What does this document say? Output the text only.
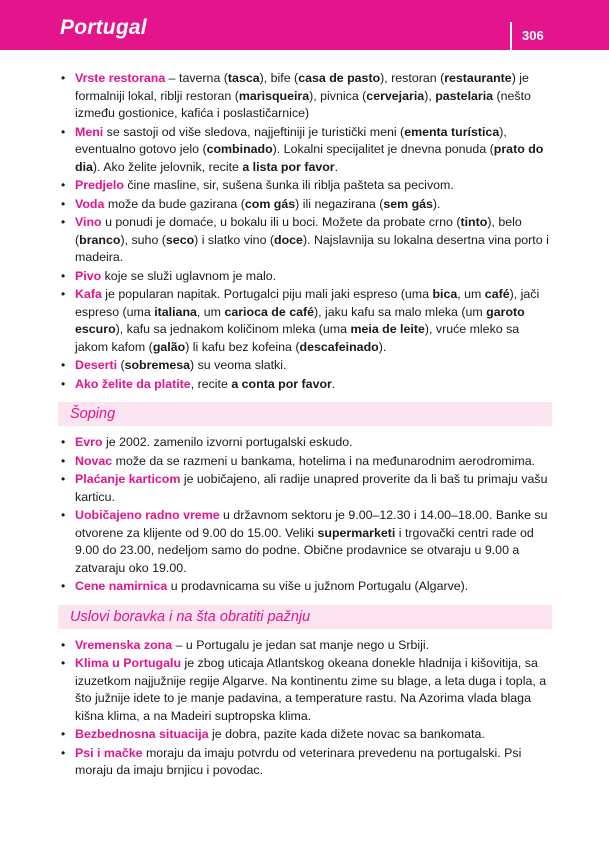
Portugal	306
• Vrste restorana – taverna (tasca), bife (casa de pasto), restoran (restaurante) je formalniji lokal, riblji restoran (marisqueira), pivnica (cervejaria), pastelaria (nešto između gostionice, kafića i poslastičarnice)
• Meni se sastoji od više sledova, najjeftiniji je turistički meni (ementa turística), eventualno gotovo jelo (combinado). Lokalni specijalitet je dnevna ponuda (prato do dia). Ako želite jelovnik, recite a lista por favor.
• Predjelo čine masline, sir, sušena šunka ili riblja pašteta sa pecivom.
• Voda može da bude gazirana (com gás) ili negazirana (sem gás).
• Vino u ponudi je domaće, u bokalu ili u boci. Možete da probate crno (tinto), belo (branco), suho (seco) i slatko vino (doce). Najslavnija su lokalna desertna vina porto i madeira.
• Pivo koje se služi uglavnom je malo.
• Kafa je popularan napitak. Portugalci piju mali jaki espreso (uma bica, um café), jači espreso (uma italiana, um carioca de café), jaku kafu sa malo mleka (um garoto escuro), kafu sa jednakom količinom mleka (uma meia de leite), vruće mleko sa jakom kafom (galão) li kafu bez kofeina (descafeinado).
• Deserti (sobremesa) su veoma slatki.
• Ako želite da platite, recite a conta por favor.
Šoping
• Evro je 2002. zamenilo izvorni portugalski eskudo.
• Novac može da se razmeni u bankama, hotelima i na međunarodnim aerodromima.
• Plaćanje karticom je uobičajeno, ali radije unapred proverite da li baš tu primaju vašu karticu.
• Uobičajeno radno vreme u državnom sektoru je 9.00–12.30 i 14.00–18.00. Banke su otvorene za klijente od 9.00 do 15.00. Veliki supermarketi i trgovački centri rade od 9.00 do 23.00, nedeljom samo do podne. Obične prodavnice se otvaraju u 9.00 a zatvaraju oko 19.00.
• Cene namirnica u prodavnicama su više u južnom Portugalu (Algarve).
Uslovi boravka i na šta obratiti pažnju
• Vremenska zona – u Portugalu je jedan sat manje nego u Srbiji.
• Klima u Portugalu je zbog uticaja Atlantskog okeana donekle hladnija i kišovitija, sa izuzetkom najjužnije regije Algarve. Na kontinentu zime su blage, a leta duga i topla, a što južnije idete to je manje padavina, a temperature rastu. Na Azorima vlada blaga kišna klima, a na Madeiri suptropska klima.
• Bezbednosna situacija je dobra, pazite kada dižete novac sa bankomata.
• Psi i mačke moraju da imaju potvrdu od veterinara prevedenu na portugalski. Psi moraju da imaju brnjicu i povodac.
